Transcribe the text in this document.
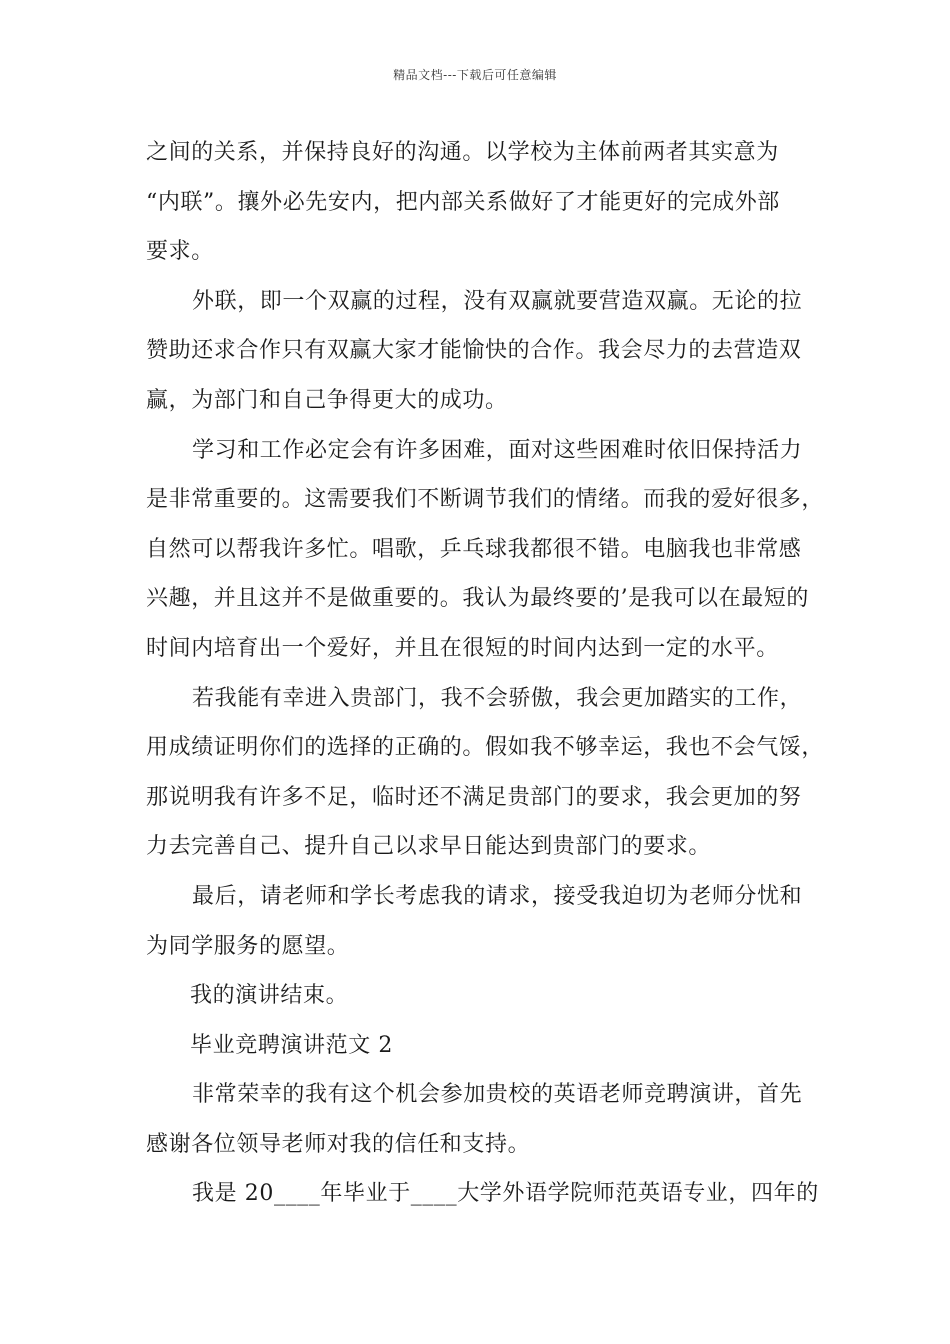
精品文档---下载后可任意编辑
之间的关系，并保持良好的沟通。以学校为主体前两者其实意为
“内联”。攘外必先安内，把内部关系做好了才能更好的完成外部
要求。
外联，即一个双赢的过程，没有双赢就要营造双赢。无论的拉
赞助还求合作只有双赢大家才能愉快的合作。我会尽力的去营造双
赢，为部门和自己争得更大的成功。
学习和工作必定会有许多困难，面对这些困难时依旧保持活力
是非常重要的。这需要我们不断调节我们的情绪。而我的爱好很多，
自然可以帮我许多忙。唱歌，乒乓球我都很不错。电脑我也非常感
兴趣，并且这并不是做重要的。我认为最终要的’是我可以在最短的
时间内培育出一个爱好，并且在很短的时间内达到一定的水平。
若我能有幸进入贵部门，我不会骄傲，我会更加踏实的工作，
用成绩证明你们的选择的正确的。假如我不够幸运，我也不会气馁，
那说明我有许多不足，临时还不满足贵部门的要求，我会更加的努
力去完善自己、提升自己以求早日能达到贵部门的要求。
最后，请老师和学长考虑我的请求，接受我迫切为老师分忧和
为同学服务的愿望。
我的演讲结束。
毕业竞聘演讲范文 2
非常荣幸的我有这个机会参加贵校的英语老师竞聘演讲，首先
感谢各位领导老师对我的信任和支持。
我是 20____年毕业于____大学外语学院师范英语专业，四年的
